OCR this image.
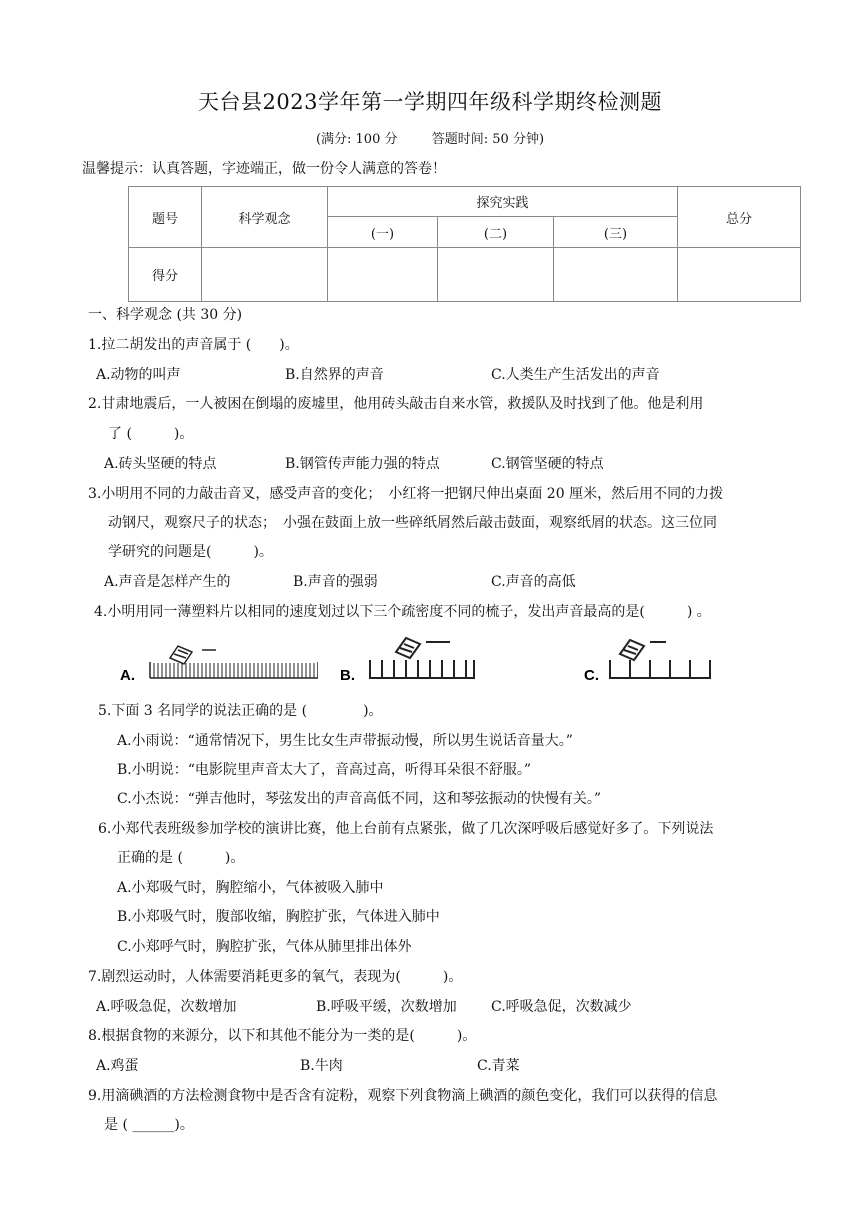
天台县2023学年第一学期四年级科学期终检测题
(满分: 100 分	答题时间: 50 分钟)
温馨提示：认真答题，字迹端正，做一份令人满意的答卷！
题号	科学观念	探究实践			总分
		(一)	(二)	(三)	
得分					
一、科学观念 (共 30 分)
1.拉二胡发出的声音属于 (　　)。
A.动物的叫声	B.自然界的声音	C.人类生产生活发出的声音
2.甘肃地震后，一人被困在倒塌的废墟里，他用砖头敲击自来水管，救援队及时找到了他。他是利用
了 (　　　)。
A.砖头坚硬的特点	B.钢管传声能力强的特点	C.钢管坚硬的特点
3.小明用不同的力敲击音叉，感受声音的变化；　小红将一把钢尺伸出桌面 20 厘米，然后用不同的力拨
动钢尺，观察尺子的状态；　小强在鼓面上放一些碎纸屑然后敲击鼓面，观察纸屑的状态。这三位同
学研究的问题是(　　　)。
A.声音是怎样产生的	B.声音的强弱	C.声音的高低
4.小明用同一薄塑料片以相同的速度划过以下三个疏密度不同的梳子，发出声音最高的是(　　　) 。
A.	B.	C.
5.下面 3 名同学的说法正确的是 (　　　　)。
A.小雨说：“通常情况下，男生比女生声带振动慢，所以男生说话音量大。”
B.小明说：“电影院里声音太大了，音高过高，听得耳朵很不舒服。”
C.小杰说：“弹吉他时，琴弦发出的声音高低不同，这和琴弦振动的快慢有关。”
6.小郑代表班级参加学校的演讲比赛，他上台前有点紧张，做了几次深呼吸后感觉好多了。下列说法
正确的是 (　　　)。
A.小郑吸气时，胸腔缩小，气体被吸入肺中
B.小郑吸气时，腹部收缩，胸腔扩张，气体进入肺中
C.小郑呼气时，胸腔扩张，气体从肺里排出体外
7.剧烈运动时，人体需要消耗更多的氧气，表现为(　　　)。
A.呼吸急促，次数增加	B.呼吸平缓，次数增加 C.呼吸急促，次数减少
8.根据食物的来源分，以下和其他不能分为一类的是(　　　)。
A.鸡蛋	B.牛肉	C.青菜
9.用滴碘酒的方法检测食物中是否含有淀粉，观察下列食物滴上碘酒的颜色变化，我们可以获得的信息
是 ( ______)。
